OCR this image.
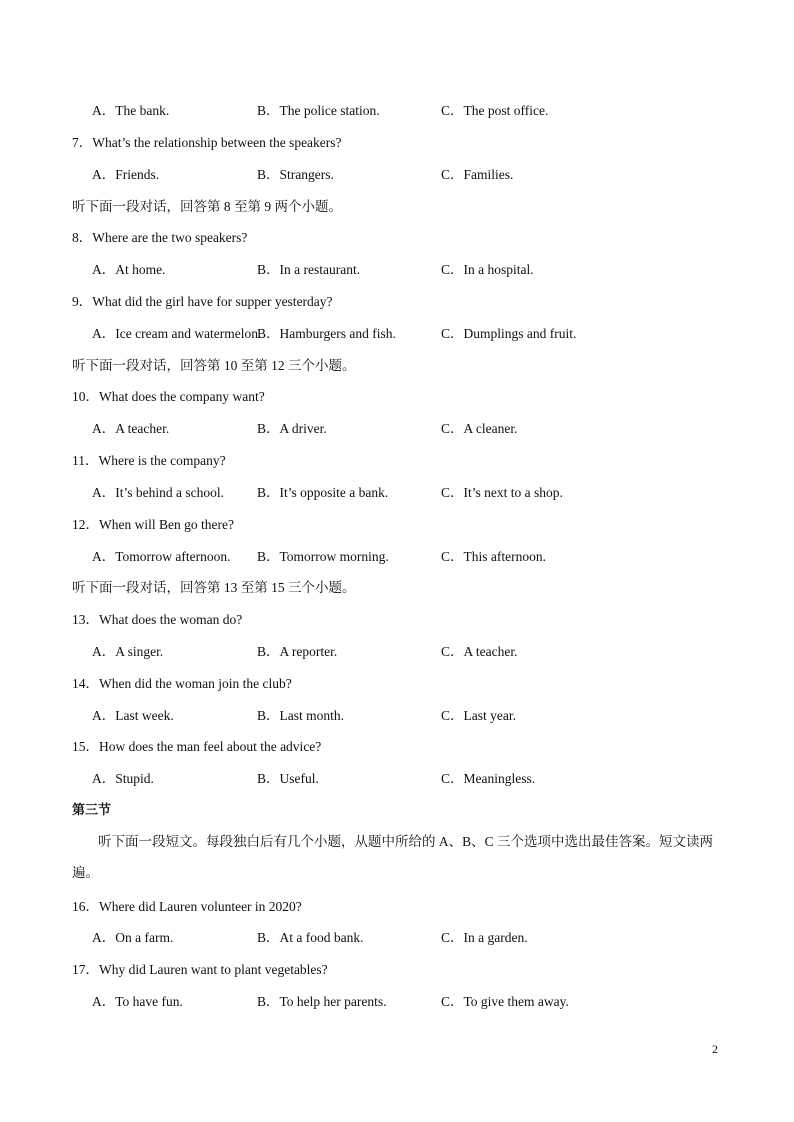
A．The bank.	B．The police station.	C．The post office.
7．What’s the relationship between the speakers?
A．Friends.	B．Strangers.	C．Families.
听下面一段对话，回答第 8 至第 9 两个小题。
8．Where are the two speakers?
A．At home.	B．In a restaurant.	C．In a hospital.
9．What did the girl have for supper yesterday?
A．Ice cream and watermelon.
B．Hamburgers and fish.	C．Dumplings and fruit.
听下面一段对话，回答第 10 至第 12 三个小题。
10．What does the company want?
A．A teacher.	B．A driver.	C．A cleaner.
11．Where is the company?
A．It’s behind a school. B．It’s opposite a bank.	C．It’s next to a shop.
12．When will Ben go there?
A．Tomorrow afternoon. B．Tomorrow morning.	C．This afternoon.
听下面一段对话，回答第 13 至第 15 三个小题。
13．What does the woman do?
A．A singer.	B．A reporter.	C．A teacher.
14．When did the woman join the club?
A．Last week.	B．Last month.	C．Last year.
15．How does the man feel about the advice?
A．Stupid.	B．Useful.	C．Meaningless.
第三节
听下面一段短文。每段独白后有几个小题，从题中所给的 A、B、C 三个选项中选出最佳答案。短文读两遍。
16．Where did Lauren volunteer in 2020?
A．On a farm.	B．At a food bank.	C．In a garden.
17．Why did Lauren want to plant vegetables?
A．To have fun.	B．To help her parents.	C．To give them away.
2
